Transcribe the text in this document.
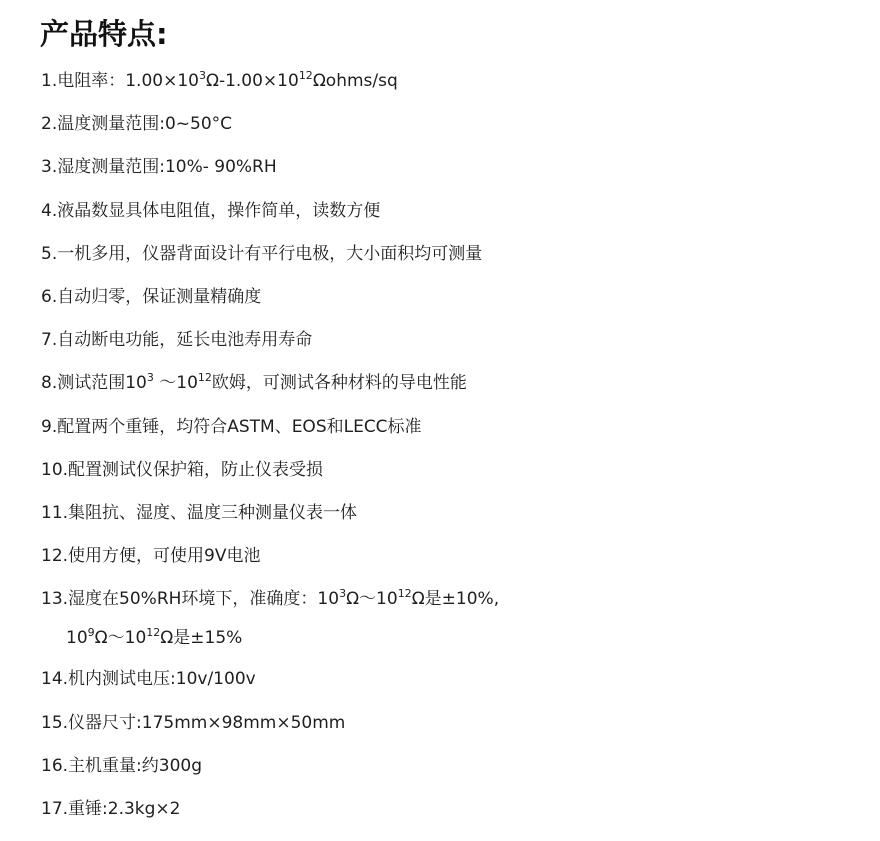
产品特点:
1.电阻率：$1.00\times 10^3\Omega-1.00\times 10^{12}\Omega ohms/sq$
2.温度测量范围:0~50°C
3.湿度测量范围:10%- 90%RH
4.液晶数显具体电阻值，操作简单，读数方便
5.一机多用，仪器背面设计有平行电极，大小面积均可测量
6.自动归零，保证测量精确度
7.自动断电功能，延长电池寿用寿命
8.测试范围$10^3$ $\sim 10^{12}$欧姆，可测试各种材料的导电性能
9.配置两个重锤，均符合ASTM、EOS和LECC标准
10.配置测试仪保护箱，防止仪表受损
11.集阻抗、湿度、温度三种测量仪表一体
12.使用方便，可使用9V电池
13.湿度在50%RH环境下，准确度：$10^3\Omega\sim 10^{12}\Omega$是±10%,
$10^9\Omega\sim 10^{12}\Omega$是±15%
14.机内测试电压:10v/100v
15.仪器尺寸:175mm×98mm×50mm
16.主机重量:约300g
17.重锤:2.3kg×2
